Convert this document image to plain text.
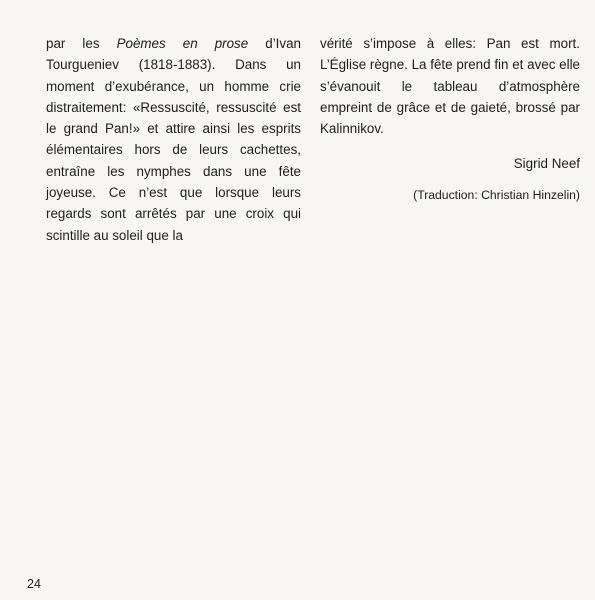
par les Poèmes en prose d’Ivan Tourgueniev (1818-1883). Dans un moment d’exubérance, un homme crie distraitement: «Ressuscité, ressuscité est le grand Pan!» et attire ainsi les esprits élémentaires hors de leurs cachettes, entraîne les nymphes dans une fête joyeuse. Ce n’est que lorsque leurs regards sont arrêtés par une croix qui scintille au soleil que la

vérité s’impose à elles: Pan est mort. L’Église règne. La fête prend fin et avec elle s’évanouit le tableau d’atmosphère empreint de grâce et de gaieté, brossé par Kalinnikov.

Sigrid Neef

(Traduction: Christian Hinzelin)

24
